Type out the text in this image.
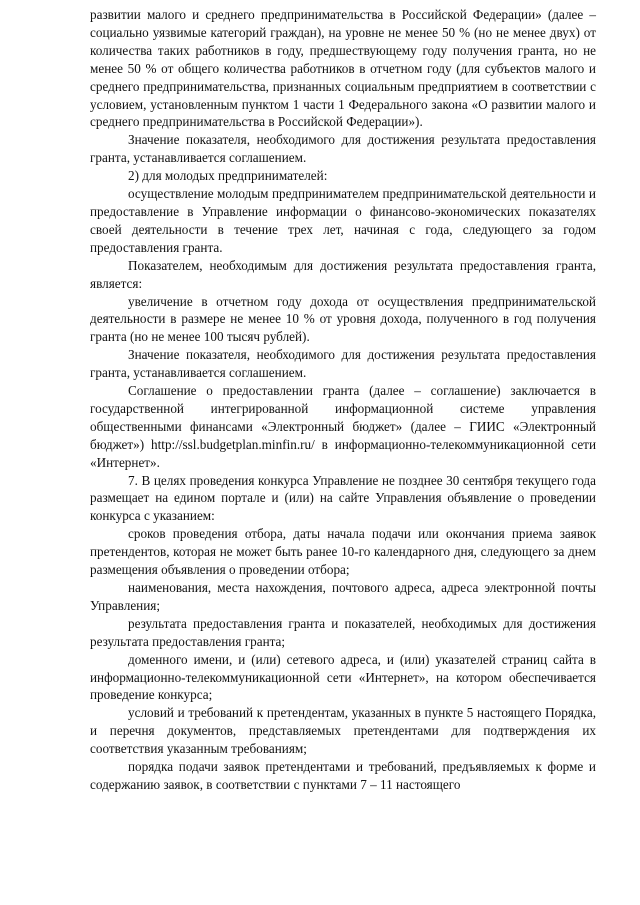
развитии малого и среднего предпринимательства в Российской Федерации» (далее – социально уязвимые категорий граждан), на уровне не менее 50 % (но не менее двух) от количества таких работников в году, предшествующему году получения гранта, но не менее 50 % от общего количества работников в отчетном году (для субъектов малого и среднего предпринимательства, признанных социальным предприятием в соответствии с условием, установленным пунктом 1 части 1 Федерального закона «О развитии малого и среднего предпринимательства в Российской Федерации»).

Значение показателя, необходимого для достижения результата предоставления гранта, устанавливается соглашением.

2) для молодых предпринимателей:

осуществление молодым предпринимателем предпринимательской деятельности и предоставление в Управление информации о финансово-экономических показателях своей деятельности в течение трех лет, начиная с года, следующего за годом предоставления гранта.

Показателем, необходимым для достижения результата предоставления гранта, является:

увеличение в отчетном году дохода от осуществления предпринимательской деятельности в размере не менее 10 % от уровня дохода, полученного в год получения гранта (но не менее 100 тысяч рублей).

Значение показателя, необходимого для достижения результата предоставления гранта, устанавливается соглашением.

Соглашение о предоставлении гранта (далее – соглашение) заключается в государственной интегрированной информационной системе управления общественными финансами «Электронный бюджет» (далее – ГИИС «Электронный бюджет») http://ssl.budgetplan.minfin.ru/ в информационно-телекоммуникационной сети «Интернет».

7. В целях проведения конкурса Управление не позднее 30 сентября текущего года размещает на едином портале и (или) на сайте Управления объявление о проведении конкурса с указанием:

сроков проведения отбора, даты начала подачи или окончания приема заявок претендентов, которая не может быть ранее 10-го календарного дня, следующего за днем размещения объявления о проведении отбора;

наименования, места нахождения, почтового адреса, адреса электронной почты Управления;

результата предоставления гранта и показателей, необходимых для достижения результата предоставления гранта;

доменного имени, и (или) сетевого адреса, и (или) указателей страниц сайта в информационно-телекоммуникационной сети «Интернет», на котором обеспечивается проведение конкурса;

условий и требований к претендентам, указанных в пункте 5 настоящего Порядка, и перечня документов, представляемых претендентами для подтверждения их соответствия указанным требованиям;

порядка подачи заявок претендентами и требований, предъявляемых к форме и содержанию заявок, в соответствии с пунктами 7 – 11 настоящего
